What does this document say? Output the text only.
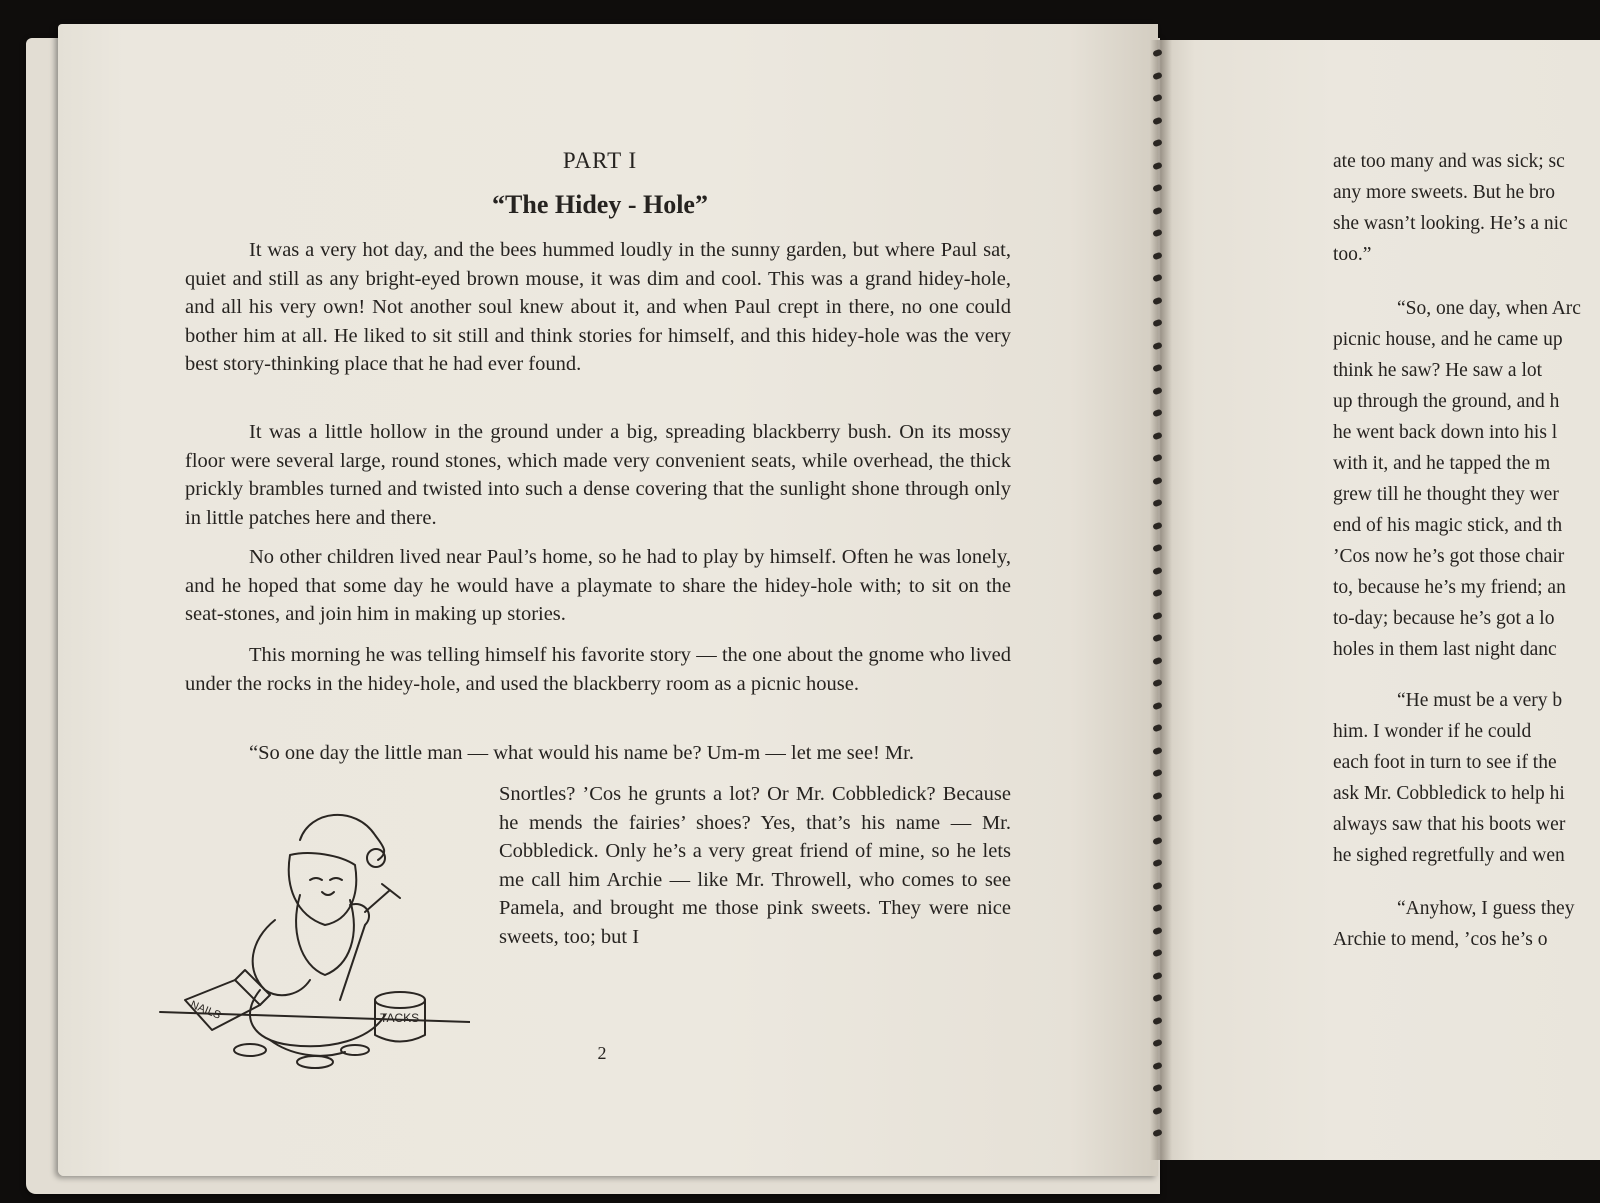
PART I
“The Hidey - Hole”

It was a very hot day, and the bees hummed loudly in the sunny garden, but where Paul sat, quiet and still as any bright-eyed brown mouse, it was dim and cool. This was a grand hidey-hole, and all his very own! Not another soul knew about it, and when Paul crept in there, no one could bother him at all. He liked to sit still and think stories for himself, and this hidey-hole was the very best story-thinking place that he had ever found.

It was a little hollow in the ground under a big, spreading blackberry bush. On its mossy floor were several large, round stones, which made very convenient seats, while overhead, the thick prickly brambles turned and twisted into such a dense covering that the sunlight shone through only in little patches here and there.

No other children lived near Paul’s home, so he had to play by himself. Often he was lonely, and he hoped that some day he would have a playmate to share the hidey-hole with; to sit on the seat-stones, and join him in making up stories.

This morning he was telling himself his favorite story — the one about the gnome who lived under the rocks in the hidey-hole, and used the blackberry room as a picnic house.

“So one day the little man — what would his name be? Um-m — let me see! Mr.

Snortles? ’Cos he grunts a lot? Or Mr. Cobbledick? Because he mends the fairies’ shoes? Yes, that’s his name — Mr. Cobbledick. Only he’s a very great friend of mine, so he lets me call him Archie — like Mr. Throwell, who comes to see Pamela, and brought me those pink sweets. They were nice sweets, too; but I

NAILS	TACKS
2
ate too many and was sick; sc
any more sweets. But he bro
she wasn’t looking. He’s a nic
too.”
“So, one day, when Arc
picnic house, and he came up
think he saw? He saw a lot
up through the ground, and h
he went back down into his l
with it, and he tapped the m
grew till he thought they wer
end of his magic stick, and th
’Cos now he’s got those chair
to, because he’s my friend; an
to-day; because he’s got a lo
holes in them last night danc
“He must be a very b
him. I wonder if he could
each foot in turn to see if the
ask Mr. Cobbledick to help hi
always saw that his boots wer
he sighed regretfully and wen
“Anyhow, I guess they
Archie to mend, ’cos he’s o
